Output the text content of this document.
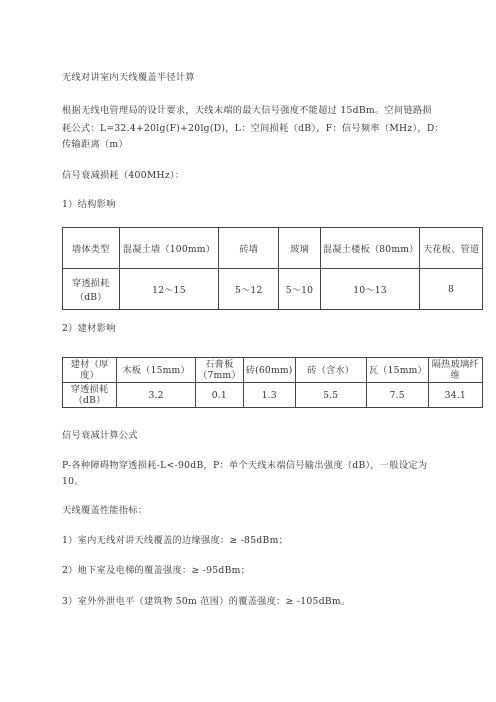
无线对讲室内天线覆盖半径计算
根据无线电管理局的设计要求，天线末端的最大信号强度不能超过 15dBm。空间链路损
耗公式：L=32.4+20lg(F)+20lg(D)，L：空间损耗（dB），F：信号频率（MHz），D：
传输距离（m）
信号衰减损耗（400MHz）：
1）结构影响
墙体类型	混凝土墙（100mm）	砖墙	玻璃	混凝土楼板（80mm）	天花板、管道
穿透损耗（dB）	12～15	5～12	5～10	10～13	8
2）建材影响
建材（厚度）	木板（15mm）	石膏板（7mm）	砖(60mm)	砖（含水）	瓦（15mm）	隔热玻璃纤维
穿透损耗（dB）	3.2	0.1	1.3	5.5	7.5	34.1
信号衰减计算公式
P-各种障碍物穿透损耗-L<-90dB，P：单个天线末端信号输出强度（dB），一般设定为
10。
天线覆盖性能指标：
1）室内无线对讲天线覆盖的边缘强度：≥ -85dBm；
2）地下室及电梯的覆盖强度：≥ -95dBm；
3）室外外泄电平（建筑物 50m 范围）的覆盖强度：≥ -105dBm。
